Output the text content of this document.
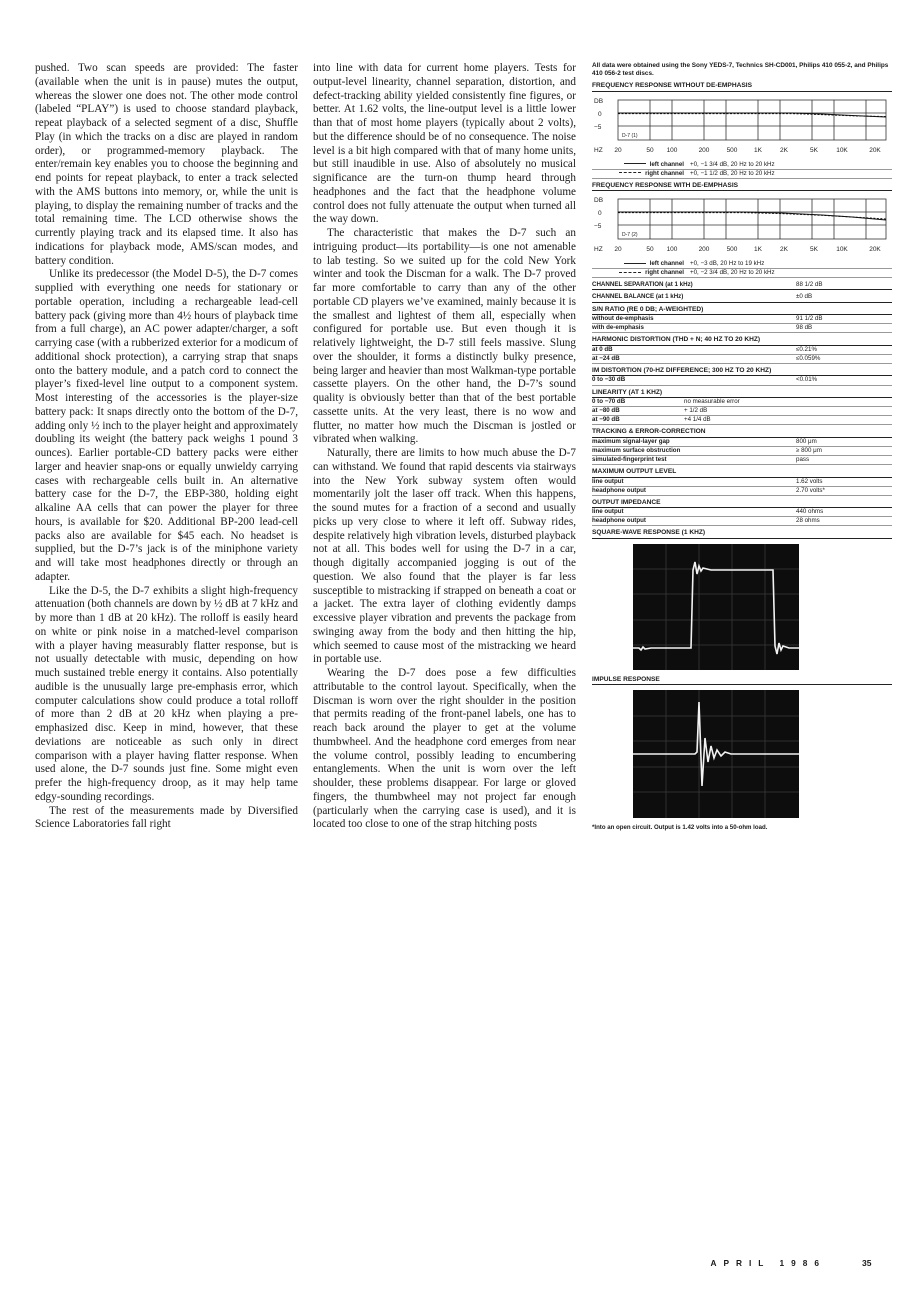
pushed. Two scan speeds are provided: The faster (available when the unit is in pause) mutes the output, whereas the slower one does not. The other mode control (labeled “PLAY”) is used to choose standard playback, repeat playback of a selected segment of a disc, Shuffle Play (in which the tracks on a disc are played in random order), or programmed-memory playback. The enter/remain key enables you to choose the beginning and end points for repeat playback, to enter a track selected with the AMS buttons into memory, or, while the unit is playing, to display the remaining number of tracks and the total remaining time. The LCD otherwise shows the currently playing track and its elapsed time. It also has indications for playback mode, AMS/scan modes, and battery condition.

Unlike its predecessor (the Model D-5), the D-7 comes supplied with everything one needs for stationary or portable operation, including a rechargeable lead-cell battery pack (giving more than 4½ hours of playback time from a full charge), an AC power adapter/charger, a soft carrying case (with a rubberized exterior for a modicum of additional shock protection), a carrying strap that snaps onto the battery module, and a patch cord to connect the player’s fixed-level line output to a component system. Most interesting of the accessories is the player-size battery pack: It snaps directly onto the bottom of the D-7, adding only ½ inch to the player height and approximately doubling its weight (the battery pack weighs 1 pound 3 ounces). Earlier portable-CD battery packs were either larger and heavier snap-ons or equally unwieldy carrying cases with rechargeable cells built in. An alternative battery case for the D-7, the EBP-380, holding eight alkaline AA cells that can power the player for three hours, is available for $20. Additional BP-200 lead-cell packs also are available for $45 each. No headset is supplied, but the D-7’s jack is of the miniphone variety and will take most headphones directly or through an adapter.

Like the D-5, the D-7 exhibits a slight high-frequency attenuation (both channels are down by ½ dB at 7 kHz and by more than 1 dB at 20 kHz). The rolloff is easily heard on white or pink noise in a matched-level comparison with a player having measurably flatter response, but is not usually detectable with music, depending on how much sustained treble energy it contains. Also potentially audible is the unusually large pre-emphasis error, which computer calculations show could produce a total rolloff of more than 2 dB at 20 kHz when playing a pre-emphasized disc. Keep in mind, however, that these deviations are noticeable as such only in direct comparison with a player having flatter response. When used alone, the D-7 sounds just fine. Some might even prefer the high-frequency droop, as it may help tame edgy-sounding recordings.

The rest of the measurements made by Diversified Science Laboratories fall right

into line with data for current home players. Tests for output-level linearity, channel separation, distortion, and defect-tracking ability yielded consistently fine figures, or better. At 1.62 volts, the line-output level is a little lower than that of most home players (typically about 2 volts), but the difference should be of no consequence. The noise level is a bit high compared with that of many home units, but still inaudible in use. Also of absolutely no musical significance are the turn-on thump heard through headphones and the fact that the headphone volume control does not fully attenuate the output when turned all the way down.

The characteristic that makes the D-7 such an intriguing product—its portability—is one not amenable to lab testing. So we suited up for the cold New York winter and took the Discman for a walk. The D-7 proved far more comfortable to carry than any of the other portable CD players we’ve examined, mainly because it is the smallest and lightest of them all, especially when configured for portable use. But even though it is relatively lightweight, the D-7 still feels massive. Slung over the shoulder, it forms a distinctly bulky presence, being larger and heavier than most Walkman-type portable cassette players. On the other hand, the D-7’s sound quality is obviously better than that of the best portable cassette units. At the very least, there is no wow and flutter, no matter how much the Discman is jostled or vibrated when walking.

Naturally, there are limits to how much abuse the D-7 can withstand. We found that rapid descents via stairways into the New York subway system often would momentarily jolt the laser off track. When this happens, the sound mutes for a fraction of a second and usually picks up very close to where it left off. Subway rides, despite relatively high vibration levels, disturbed playback not at all. This bodes well for using the D-7 in a car, though digitally accompanied jogging is out of the question. We also found that the player is far less susceptible to mistracking if strapped on beneath a coat or a jacket. The extra layer of clothing evidently damps excessive player vibration and prevents the package from swinging away from the body and then hitting the hip, which seemed to cause most of the mistracking we heard in portable use.

Wearing the D-7 does pose a few difficulties attributable to the control layout. Specifically, when the Discman is worn over the right shoulder in the position that permits reading of the front-panel labels, one has to reach back around the player to get at the volume thumbwheel. And the headphone cord emerges from near the volume control, possibly leading to encumbering entanglements. When the unit is worn over the left shoulder, these problems disappear. For large or gloved fingers, the thumbwheel may not project far enough (particularly when the carrying case is used), and it is located too close to one of the strap hitching posts

All data were obtained using the Sony YEDS-7, Technics SH-CD001, Philips 410 055-2, and Philips 410 056-2 test discs.
FREQUENCY RESPONSE WITHOUT DE-EMPHASIS
DB
0
−5
HZ
D-7 (1)
20	50 100	200	500	1K	2K	5K	10K	20K
left channel +0, −1 3/4 dB, 20 Hz to 20 kHz
right channel +0, −1 1/2 dB, 20 Hz to 20 kHz
FREQUENCY RESPONSE WITH DE-EMPHASIS
DB
0
−5
HZ
D-7 (2)
20	50 100	200	500	1K	2K	5K	10K	20K
left channel +0, −3 dB, 20 Hz to 19 kHz
right channel +0, −2 3/4 dB, 20 Hz to 20 kHz
CHANNEL SEPARATION (at 1 kHz)	88 1/2 dB
CHANNEL BALANCE (at 1 kHz)	±0 dB
S/N RATIO (RE 0 DB; A-WEIGHTED)
without de-emphasis	91 1/2 dB
with de-emphasis	98 dB
HARMONIC DISTORTION (THD + N; 40 HZ TO 20 KHZ)
at 0 dB	≤0.21%
at −24 dB	≤0.059%
IM DISTORTION (70-HZ DIFFERENCE; 300 HZ TO 20 KHZ)
0 to −30 dB	<0.01%
LINEARITY (AT 1 KHZ)
0 to −70 dB	no measurable error
at −80 dB	+ 1/2 dB
at −90 dB	+4 1/4 dB
TRACKING & ERROR-CORRECTION
maximum signal-layer gap	800 μm
maximum surface obstruction	≥ 800 μm
simulated-fingerprint test	pass
MAXIMUM OUTPUT LEVEL
line output	1.62 volts
headphone output	2.70 volts*
OUTPUT IMPEDANCE
line output	440 ohms
headphone output	28 ohms
SQUARE-WAVE RESPONSE (1 KHZ)
IMPULSE RESPONSE
*Into an open circuit. Output is 1.42 volts into a 50-ohm load.
APRIL 1986	35
